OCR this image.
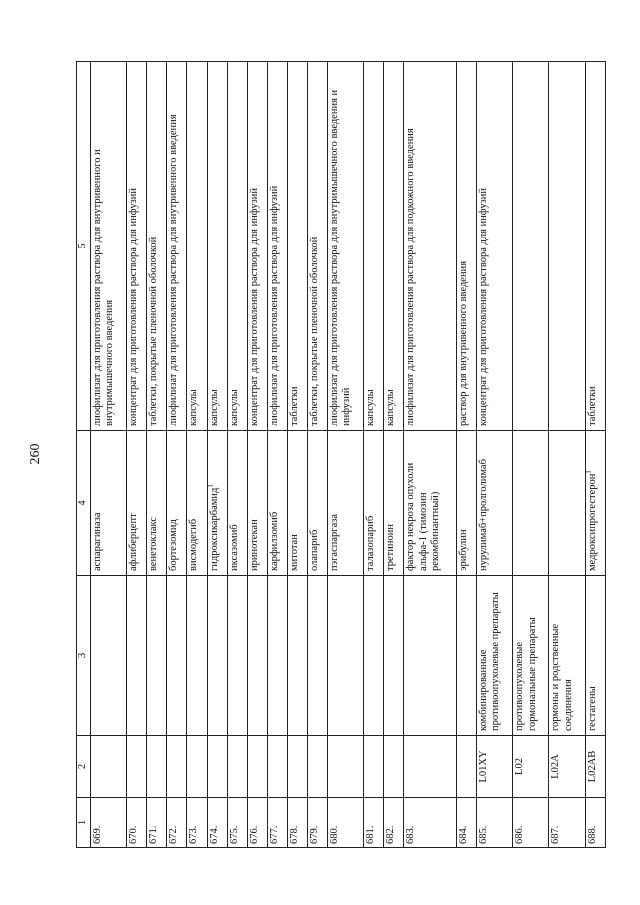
260
1	2	3	4	5
669.			аспарагиназа	лиофилизат для приготовления раствора для внутривенного и внутримышечного введения
670.			афлиберцепт	концентрат для приготовления раствора для инфузий
671.			венетоклакс	таблетки, покрытые пленочной оболочкой
672.			бортезомид	лиофилизат для приготовления раствора для внутривенного введения
673.			висмодегиб	капсулы
674.			гидроксикарбамид$^1$	капсулы
675.			иксазомиб	капсулы
676.			иринотекан	концентрат для приготовления раствора для инфузий
677.			карфилзомиб	лиофилизат для приготовления раствора для инфузий
678.			митотан	таблетки
679.			олапариб	таблетки, покрытые пленочной оболочкой
680.			пэгаспаргаза	лиофилизат для приготовления раствора для внутримышечного введения и инфузий
681.			талазопариб	капсулы
682.			третиноин	капсулы
683.			фактор некроза опухоли альфа-1 (тимозин рекомбинантный)	лиофилизат для приготовления раствора для подкожного введения
684.			эрибулин	раствор для внутривенного введения
685.	L01XY	комбинированные противоопухолевые препараты	нурулимаб+пролголимаб	концентрат для приготовления раствора для инфузий
686.	L02	противоопухолевые гормональные препараты		
687.	L02A	гормоны и родственные соединения		
688.	L02AB	гестагены	медроксипрогестерон$^1$	таблетки
